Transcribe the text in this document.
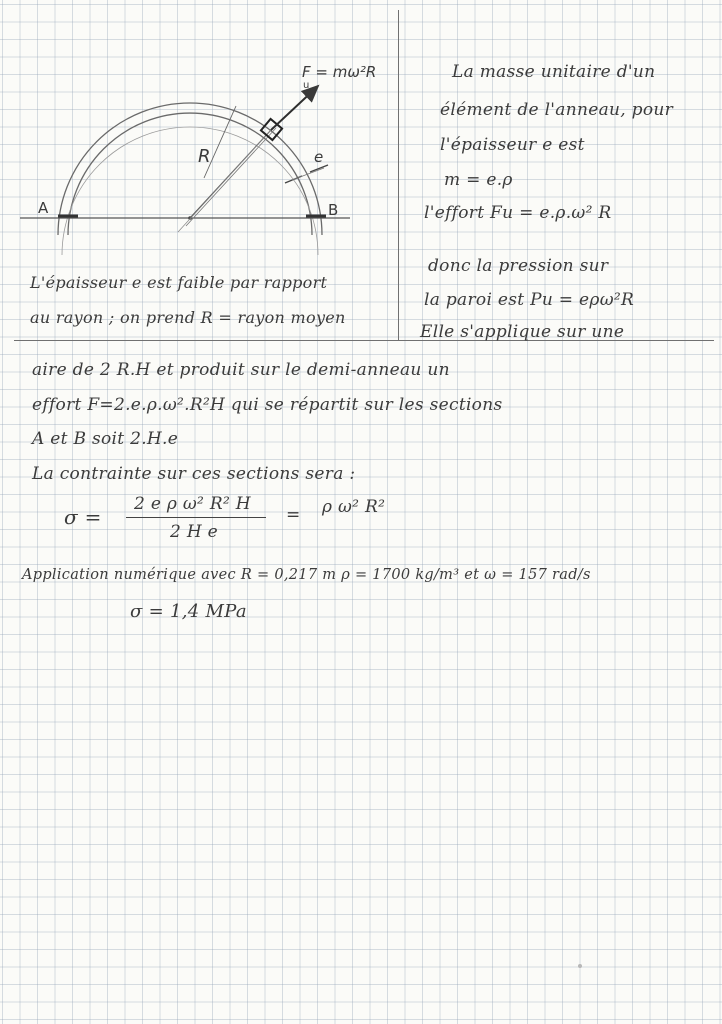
F = mω²R
u
R	e
A	B
La masse unitaire d'un
élément de l'anneau, pour
l'épaisseur e est
m = e.ρ
l'effort Fu = e.ρ.ω² R
donc la pression sur
la paroi est Pu = eρω²R
L'épaisseur e est faible par rapport
au rayon ; on prend R = rayon moyen
Elle s'applique sur une
aire de 2 R.H et produit sur le demi-anneau un
effort F=2.e.ρ.ω².R²H qui se répartit sur les sections
A et B soit 2.H.e
La contrainte sur ces sections sera :
σ =
2 e ρ ω² R² H
2 H e
= ρ ω² R²
Application numérique avec R = 0,217 m ρ = 1700 kg/m³ et ω = 157 rad/s
σ = 1,4 MPa
